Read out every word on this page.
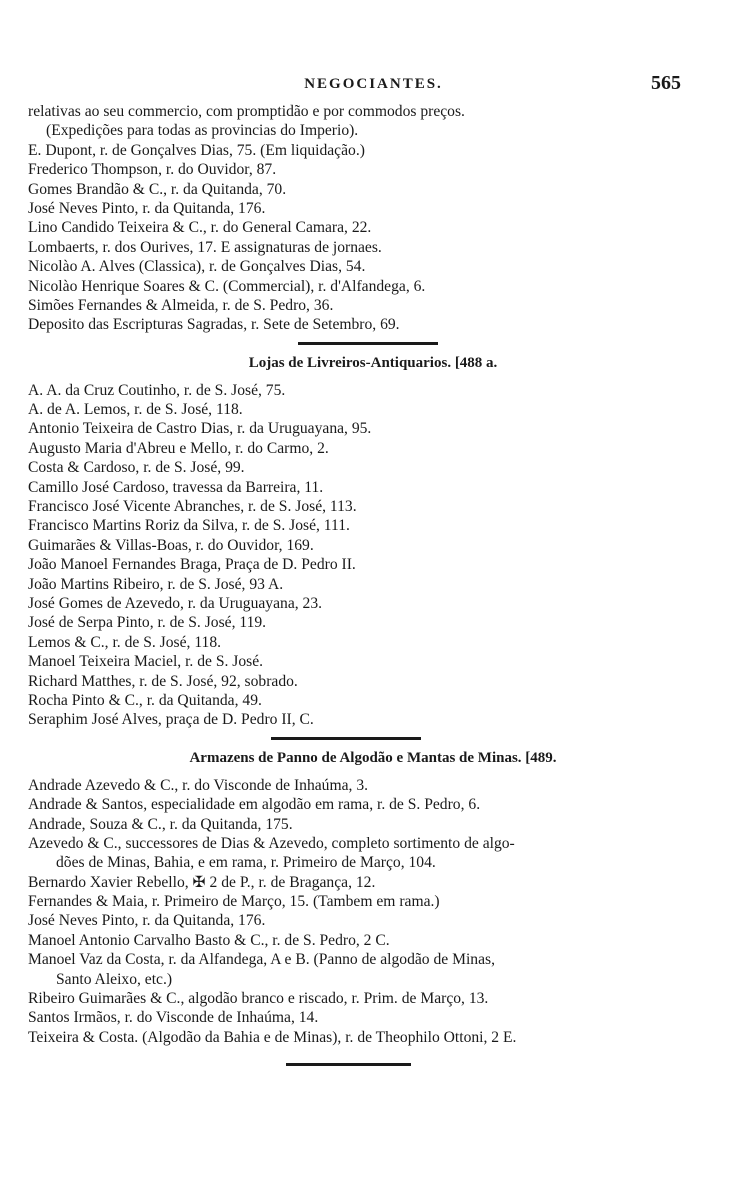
NEGOCIANTES.	565
relativas ao seu commercio, com promptidão e por commodos preços.
(Expedições para todas as provincias do Imperio).
E. Dupont, r. de Gonçalves Dias, 75. (Em liquidação.)
Frederico Thompson, r. do Ouvidor, 87.
Gomes Brandão & C., r. da Quitanda, 70.
José Neves Pinto, r. da Quitanda, 176.
Lino Candido Teixeira & C., r. do General Camara, 22.
Lombaerts, r. dos Ourives, 17. E assignaturas de jornaes.
Nicolào A. Alves (Classica), r. de Gonçalves Dias, 54.
Nicolào Henrique Soares & C. (Commercial), r. d'Alfandega, 6.
Simões Fernandes & Almeida, r. de S. Pedro, 36.
Deposito das Escripturas Sagradas, r. Sete de Setembro, 69.
Lojas de Livreiros-Antiquarios. [488 a.
A. A. da Cruz Coutinho, r. de S. José, 75.
A. de A. Lemos, r. de S. José, 118.
Antonio Teixeira de Castro Dias, r. da Uruguayana, 95.
Augusto Maria d'Abreu e Mello, r. do Carmo, 2.
Costa & Cardoso, r. de S. José, 99.
Camillo José Cardoso, travessa da Barreira, 11.
Francisco José Vicente Abranches, r. de S. José, 113.
Francisco Martins Roriz da Silva, r. de S. José, 111.
Guimarães & Villas-Boas, r. do Ouvidor, 169.
João Manoel Fernandes Braga, Praça de D. Pedro II.
João Martins Ribeiro, r. de S. José, 93 A.
José Gomes de Azevedo, r. da Uruguayana, 23.
José de Serpa Pinto, r. de S. José, 119.
Lemos & C., r. de S. José, 118.
Manoel Teixeira Maciel, r. de S. José.
Richard Matthes, r. de S. José, 92, sobrado.
Rocha Pinto & C., r. da Quitanda, 49.
Seraphim José Alves, praça de D. Pedro II, C.
Armazens de Panno de Algodão e Mantas de Minas. [489.
Andrade Azevedo & C., r. do Visconde de Inhaúma, 3.
Andrade & Santos, especialidade em algodão em rama, r. de S. Pedro, 6.
Andrade, Souza & C., r. da Quitanda, 175.
Azevedo & C., successores de Dias & Azevedo, completo sortimento de algo-
dões de Minas, Bahia, e em rama, r. Primeiro de Março, 104.
Bernardo Xavier Rebello, ✠ 2 de P., r. de Bragança, 12.
Fernandes & Maia, r. Primeiro de Março, 15. (Tambem em rama.)
José Neves Pinto, r. da Quitanda, 176.
Manoel Antonio Carvalho Basto & C., r. de S. Pedro, 2 C.
Manoel Vaz da Costa, r. da Alfandega, A e B. (Panno de algodão de Minas,
Santo Aleixo, etc.)
Ribeiro Guimarães & C., algodão branco e riscado, r. Prim. de Março, 13.
Santos Irmãos, r. do Visconde de Inhaúma, 14.
Teixeira & Costa. (Algodão da Bahia e de Minas), r. de Theophilo Ottoni, 2 E.
